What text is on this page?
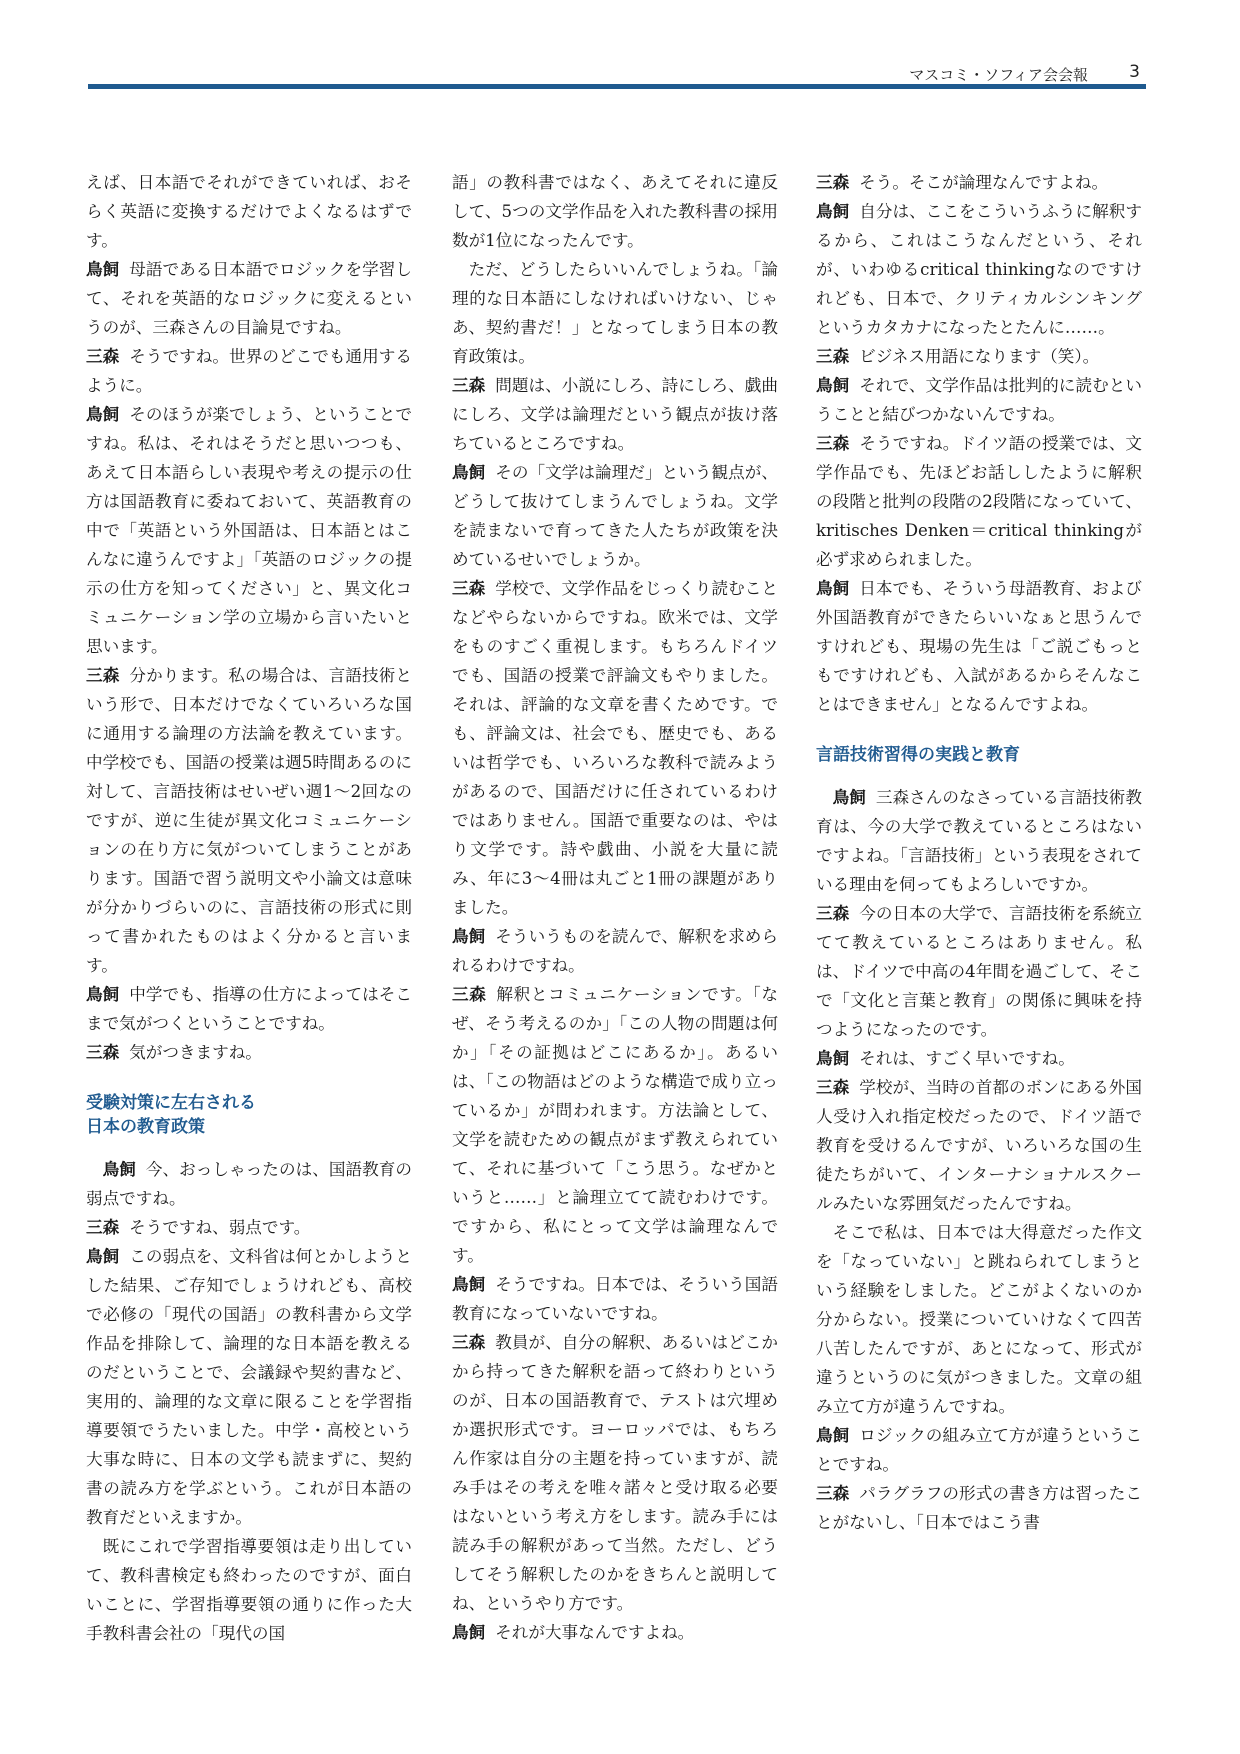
マスコミ・ソフィア会会報 3

えば、日本語でそれができていれば、おそらく英語に変換するだけでよくなるはずです。

鳥飼 母語である日本語でロジックを学習して、それを英語的なロジックに変えるというのが、三森さんの目論見ですね。

三森 そうですね。世界のどこでも通用するように。

鳥飼 そのほうが楽でしょう、ということですね。私は、それはそうだと思いつつも、あえて日本語らしい表現や考えの提示の仕方は国語教育に委ねておいて、英語教育の中で「英語という外国語は、日本語とはこんなに違うんですよ」「英語のロジックの提示の仕方を知ってください」と、異文化コミュニケーション学の立場から言いたいと思います。

三森 分かります。私の場合は、言語技術という形で、日本だけでなくていろいろな国に通用する論理の方法論を教えています。中学校でも、国語の授業は週5時間あるのに対して、言語技術はせいぜい週1～2回なのですが、逆に生徒が異文化コミュニケーションの在り方に気がついてしまうことがあります。国語で習う説明文や小論文は意味が分かりづらいのに、言語技術の形式に則って書かれたものはよく分かると言います。

鳥飼 中学でも、指導の仕方によってはそこまで気がつくということですね。

三森 気がつきますね。

受験対策に左右される
日本の教育政策

鳥飼 今、おっしゃったのは、国語教育の弱点ですね。

三森 そうですね、弱点です。

鳥飼 この弱点を、文科省は何とかしようとした結果、ご存知でしょうけれども、高校で必修の「現代の国語」の教科書から文学作品を排除して、論理的な日本語を教えるのだということで、会議録や契約書など、実用的、論理的な文章に限ることを学習指導要領でうたいました。中学・高校という大事な時に、日本の文学も読まずに、契約書の読み方を学ぶという。これが日本語の教育だといえますか。

既にこれで学習指導要領は走り出していて、教科書検定も終わったのですが、面白いことに、学習指導要領の通りに作った大手教科書会社の「現代の国

語」の教科書ではなく、あえてそれに違反して、5つの文学作品を入れた教科書の採用数が1位になったんです。

ただ、どうしたらいいんでしょうね。「論理的な日本語にしなければいけない、じゃあ、契約書だ！」となってしまう日本の教育政策は。

三森 問題は、小説にしろ、詩にしろ、戯曲にしろ、文学は論理だという観点が抜け落ちているところですね。

鳥飼 その「文学は論理だ」という観点が、どうして抜けてしまうんでしょうね。文学を読まないで育ってきた人たちが政策を決めているせいでしょうか。

三森 学校で、文学作品をじっくり読むことなどやらないからですね。欧米では、文学をものすごく重視します。もちろんドイツでも、国語の授業で評論文もやりました。それは、評論的な文章を書くためです。でも、評論文は、社会でも、歴史でも、あるいは哲学でも、いろいろな教科で読みようがあるので、国語だけに任されているわけではありません。国語で重要なのは、やはり文学です。詩や戯曲、小説を大量に読み、年に3～4冊は丸ごと1冊の課題がありました。

鳥飼 そういうものを読んで、解釈を求められるわけですね。

三森 解釈とコミュニケーションです。「なぜ、そう考えるのか」「この人物の問題は何か」「その証拠はどこにあるか」。あるいは、「この物語はどのような構造で成り立っているか」が問われます。方法論として、文学を読むための観点がまず教えられていて、それに基づいて「こう思う。なぜかというと……」と論理立てて読むわけです。ですから、私にとって文学は論理なんです。

鳥飼 そうですね。日本では、そういう国語教育になっていないですね。

三森 教員が、自分の解釈、あるいはどこかから持ってきた解釈を語って終わりというのが、日本の国語教育で、テストは穴埋めか選択形式です。ヨーロッパでは、もちろん作家は自分の主題を持っていますが、読み手はその考えを唯々諾々と受け取る必要はないという考え方をします。読み手には読み手の解釈があって当然。ただし、どうしてそう解釈したのかをきちんと説明してね、というやり方です。

鳥飼 それが大事なんですよね。

三森 そう。そこが論理なんですよね。

鳥飼 自分は、ここをこういうふうに解釈するから、これはこうなんだという、それが、いわゆるcritical thinkingなのですけれども、日本で、クリティカルシンキングというカタカナになったとたんに……。

三森 ビジネス用語になります（笑）。

鳥飼 それで、文学作品は批判的に読むということと結びつかないんですね。

三森 そうですね。ドイツ語の授業では、文学作品でも、先ほどお話ししたように解釈の段階と批判の段階の2段階になっていて、kritisches Denken＝critical thinkingが必ず求められました。

鳥飼 日本でも、そういう母語教育、および外国語教育ができたらいいなぁと思うんですけれども、現場の先生は「ご説ごもっともですけれども、入試があるからそんなことはできません」となるんですよね。

言語技術習得の実践と教育

鳥飼 三森さんのなさっている言語技術教育は、今の大学で教えているところはないですよね。「言語技術」という表現をされている理由を伺ってもよろしいですか。

三森 今の日本の大学で、言語技術を系統立てて教えているところはありません。私は、ドイツで中高の4年間を過ごして、そこで「文化と言葉と教育」の関係に興味を持つようになったのです。

鳥飼 それは、すごく早いですね。

三森 学校が、当時の首都のボンにある外国人受け入れ指定校だったので、ドイツ語で教育を受けるんですが、いろいろな国の生徒たちがいて、インターナショナルスクールみたいな雰囲気だったんですね。

そこで私は、日本では大得意だった作文を「なっていない」と跳ねられてしまうという経験をしました。どこがよくないのか分からない。授業についていけなくて四苦八苦したんですが、あとになって、形式が違うというのに気がつきました。文章の組み立て方が違うんですね。

鳥飼 ロジックの組み立て方が違うということですね。

三森 パラグラフの形式の書き方は習ったことがないし、「日本ではこう書
